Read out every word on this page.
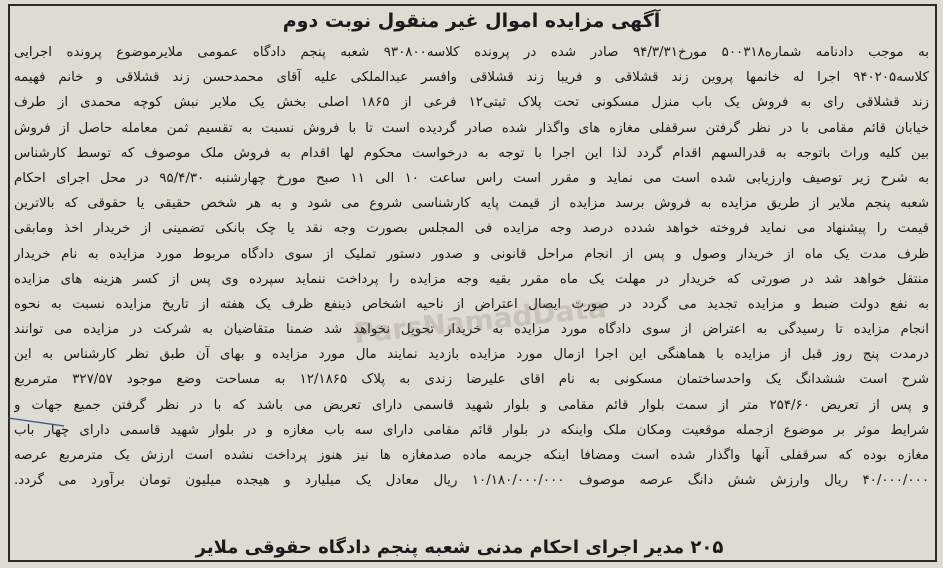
آگهی مزایده اموال غیر منقول نوبت دوم
به موجب دادنامه شماره۵۰۰۳۱۸ مورخ۹۴/۳/۳۱ صادر شده در پرونده کلاسه۹۳۰۸۰۰ شعبه پنجم دادگاه عمومی ملایرموضوع پرونده اجرایی
کلاسه۹۴۰۲۰۵ اجرا له خانمها پروین زند قشلاقی و فریبا زند قشلاقی وافسر عبدالملکی علیه آقای محمدحسن زند قشلاقی و خانم فهیمه
زند قشلاقی رای به فروش یک باب منزل مسکونی تحت پلاک ثبتی۱۲ فرعی از ۱۸۶۵ اصلی بخش یک ملایر نبش کوچه محمدی از طرف
خیابان قائم مقامی با در نظر گرفتن سرقفلی مغازه های واگذار شده صادر گردیده است تا با فروش نسبت به تقسیم ثمن معامله حاصل از فروش
بین کلیه وراث باتوجه به قدرالسهم اقدام گردد لذا این اجرا با توجه به درخواست محکوم لها اقدام به فروش ملک موصوف که توسط کارشناس
به شرح زیر توصیف وارزیابی شده است می نماید و مقرر است راس ساعت ۱۰ الی ۱۱ صبح مورخ چهارشنبه ۹۵/۴/۳۰ در محل اجرای احکام
شعبه پنجم ملایر از طریق مزایده به فروش برسد مزایده از قیمت پایه کارشناسی شروع می شود و به هر شخص حقیقی یا حقوقی که بالاترین
قیمت را پیشنهاد می نماید فروخته خواهد شدده درصد وجه مزایده فی المجلس بصورت وجه نقد یا چک بانکی تضمینی از خریدار اخذ ومابقی
ظرف مدت یک ماه از خریدار وصول و پس از انجام مراحل قانونی و صدور دستور تملیک از سوی دادگاه مربوط مورد مزایده به نام خریدار
منتقل خواهد شد در صورتی که خریدار در مهلت یک ماه مقرر بقیه وجه مزایده را پرداخت ننماید سپرده وی پس از کسر هزینه های مزایده
به نفع دولت ضبط و مزایده تجدید می گردد در صورت ایصال اعتراض از ناحیه اشخاص ذینفع ظرف یک هفته از تاریخ مزایده نسبت به نحوه
انجام مزایده تا رسیدگی به اعتراض از سوی دادگاه مورد مزایده به خریدار تحویل نخواهد شد ضمنا متقاضیان به شرکت در مزایده می توانند
درمدت پنج روز قبل از مزایده با هماهنگی این اجرا ازمال مورد مزایده بازدید نمایند مال مورد مزایده و بهای آن طبق نظر کارشناس به این
شرح است ششدانگ یک واحدساختمان مسکونی به نام اقای علیرضا زندی به پلاک ۱۲/۱۸۶۵ به مساحت وضع موجود ۳۲۷/۵۷ مترمربع
و پس از تعریض ۲۵۴/۶۰ متر از سمت بلوار قائم مقامی و بلوار شهید قاسمی دارای تعریض می باشد که با در نظر گرفتن جمیع جهات و
شرایط موثر بر موضوع ازجمله موقعیت ومکان ملک واینکه در بلوار قائم مقامی دارای سه باب مغازه و در بلوار شهید قاسمی دارای چهار باب
مغازه بوده که سرقفلی آنها واگذار شده است ومضافا اینکه جریمه ماده صدمغازه ها نیز هنوز پرداخت نشده است ارزش یک مترمربع عرصه
۴۰/۰۰۰/۰۰۰ ریال وارزش شش دانگ عرصه موصوف ۱۰/۱۸۰/۰۰۰/۰۰۰ ریال معادل یک میلیارد و هیجده میلیون تومان برآورد می گردد.
ParsNamadData
۲۰۵ مدیر اجرای احکام مدنی شعبه پنجم دادگاه حقوقی ملایر
